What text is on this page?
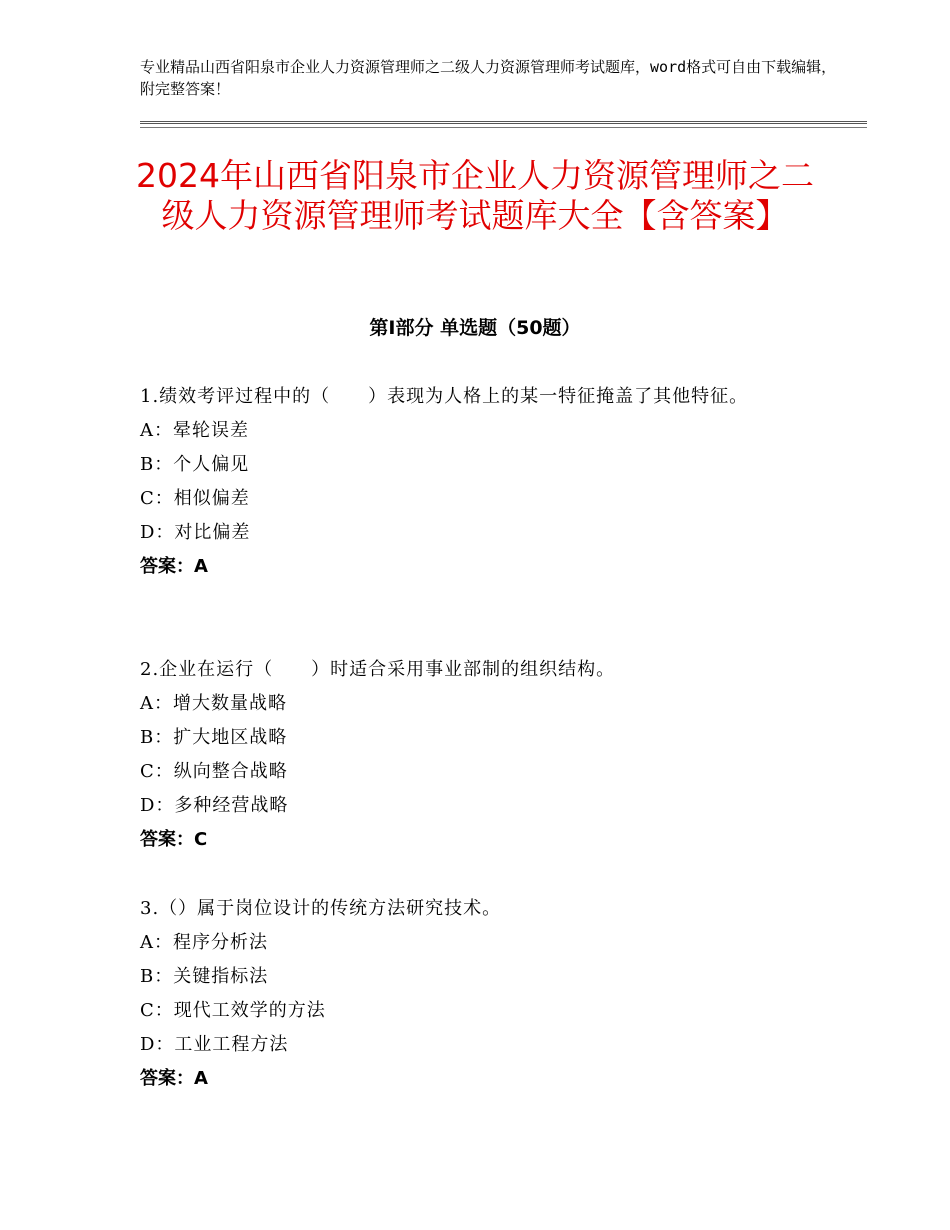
专业精品山西省阳泉市企业人力资源管理师之二级人力资源管理师考试题库，word格式可自由下载编辑，附完整答案！
2024年山西省阳泉市企业人力资源管理师之二级人力资源管理师考试题库大全【含答案】
第Ⅰ部分 单选题（50题）

1.绩效考评过程中的（　　）表现为人格上的某一特征掩盖了其他特征。

A：晕轮误差

B：个人偏见

C：相似偏差

D：对比偏差

答案：A

2.企业在运行（　　）时适合采用事业部制的组织结构。

A：增大数量战略

B：扩大地区战略

C：纵向整合战略

D：多种经营战略

答案：C

3.（）属于岗位设计的传统方法研究技术。

A：程序分析法

B：关键指标法

C：现代工效学的方法

D：工业工程方法

答案：A
